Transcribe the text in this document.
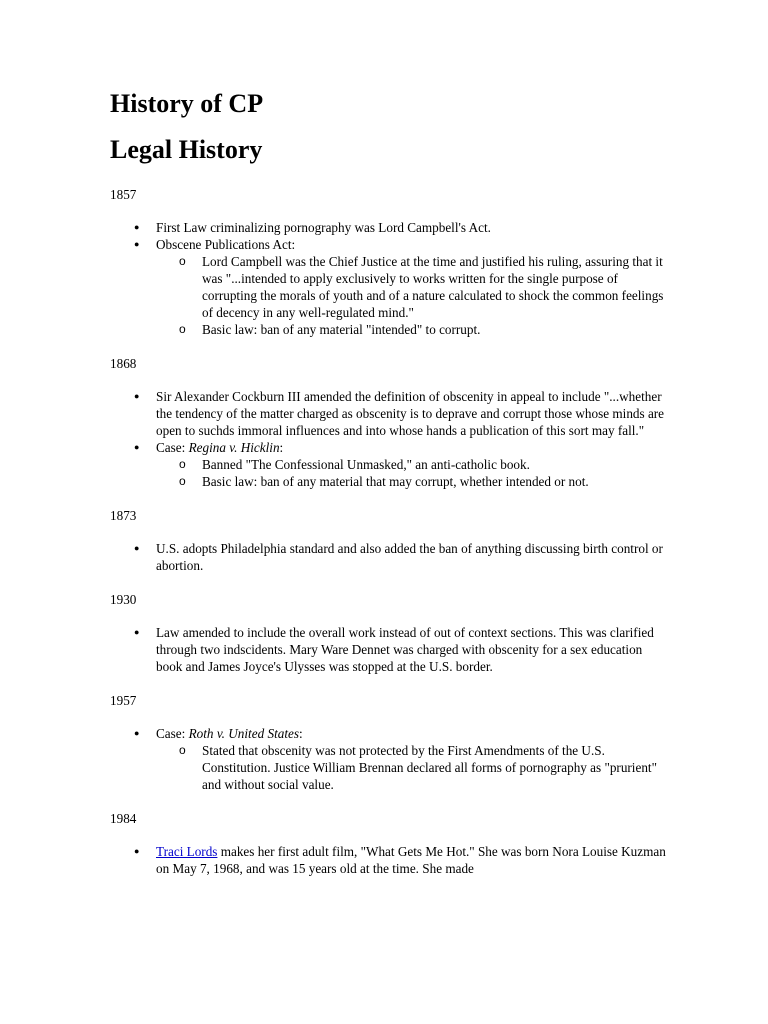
History of CP
Legal History
1857
● First Law criminalizing pornography was Lord Campbell's Act.
● Obscene Publications Act:
o Lord Campbell was the Chief Justice at the time and justified his ruling, assuring that it was "...intended to apply exclusively to works written for the single purpose of corrupting the morals of youth and of a nature calculated to shock the common feelings of decency in any well-regulated mind."
o Basic law: ban of any material "intended" to corrupt.
1868
● Sir Alexander Cockburn III amended the definition of obscenity in appeal to include "...whether the tendency of the matter charged as obscenity is to deprave and corrupt those whose minds are open to suchds immoral influences and into whose hands a publication of this sort may fall."
● Case: Regina v. Hicklin:
o Banned "The Confessional Unmasked," an anti-catholic book.
o Basic law: ban of any material that may corrupt, whether intended or not.
1873
● U.S. adopts Philadelphia standard and also added the ban of anything discussing birth control or abortion.
1930
● Law amended to include the overall work instead of out of context sections. This was clarified through two indscidents. Mary Ware Dennet was charged with obscenity for a sex education book and James Joyce's Ulysses was stopped at the U.S. border.
1957
● Case: Roth v. United States:
o Stated that obscenity was not protected by the First Amendments of the U.S. Constitution. Justice William Brennan declared all forms of pornography as "prurient" and without social value.
1984
● Traci Lords makes her first adult film, "What Gets Me Hot." She was born Nora Louise Kuzman on May 7, 1968, and was 15 years old at the time. She made
